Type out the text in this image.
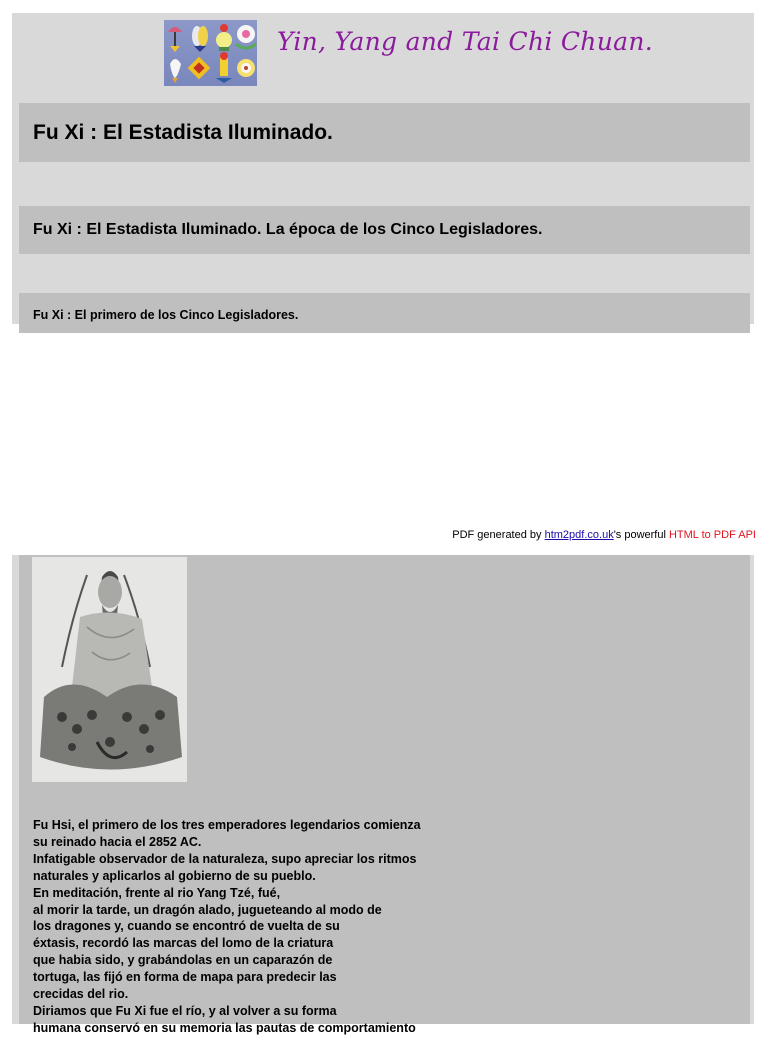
Yin, Yang and Tai Chi Chuan.
Fu Xi : El Estadista Iluminado.
Fu Xi : El Estadista Iluminado. La época de los Cinco Legisladores.
Fu Xi : El primero de los Cinco Legisladores.
PDF generated by htm2pdf.co.uk's powerful HTML to PDF API
Fu Hsi, el primero de los tres emperadores legendarios comienza
su reinado hacia el 2852 AC.
Infatigable observador de la naturaleza, supo apreciar los ritmos
naturales y aplicarlos al gobierno de su pueblo.
En meditación, frente al rio Yang Tzé, fué,
al morir la tarde, un dragón alado, jugueteando al modo de
los dragones y, cuando se encontró de vuelta de su
éxtasis, recordó las marcas del lomo de la criatura
que habia sido, y grabándolas en un caparazón de
tortuga, las fijó en forma de mapa para predecir las
crecidas del rio.
Diriamos que Fu Xi fue el río, y al volver a su forma
humana conservó en su memoria las pautas de comportamiento
